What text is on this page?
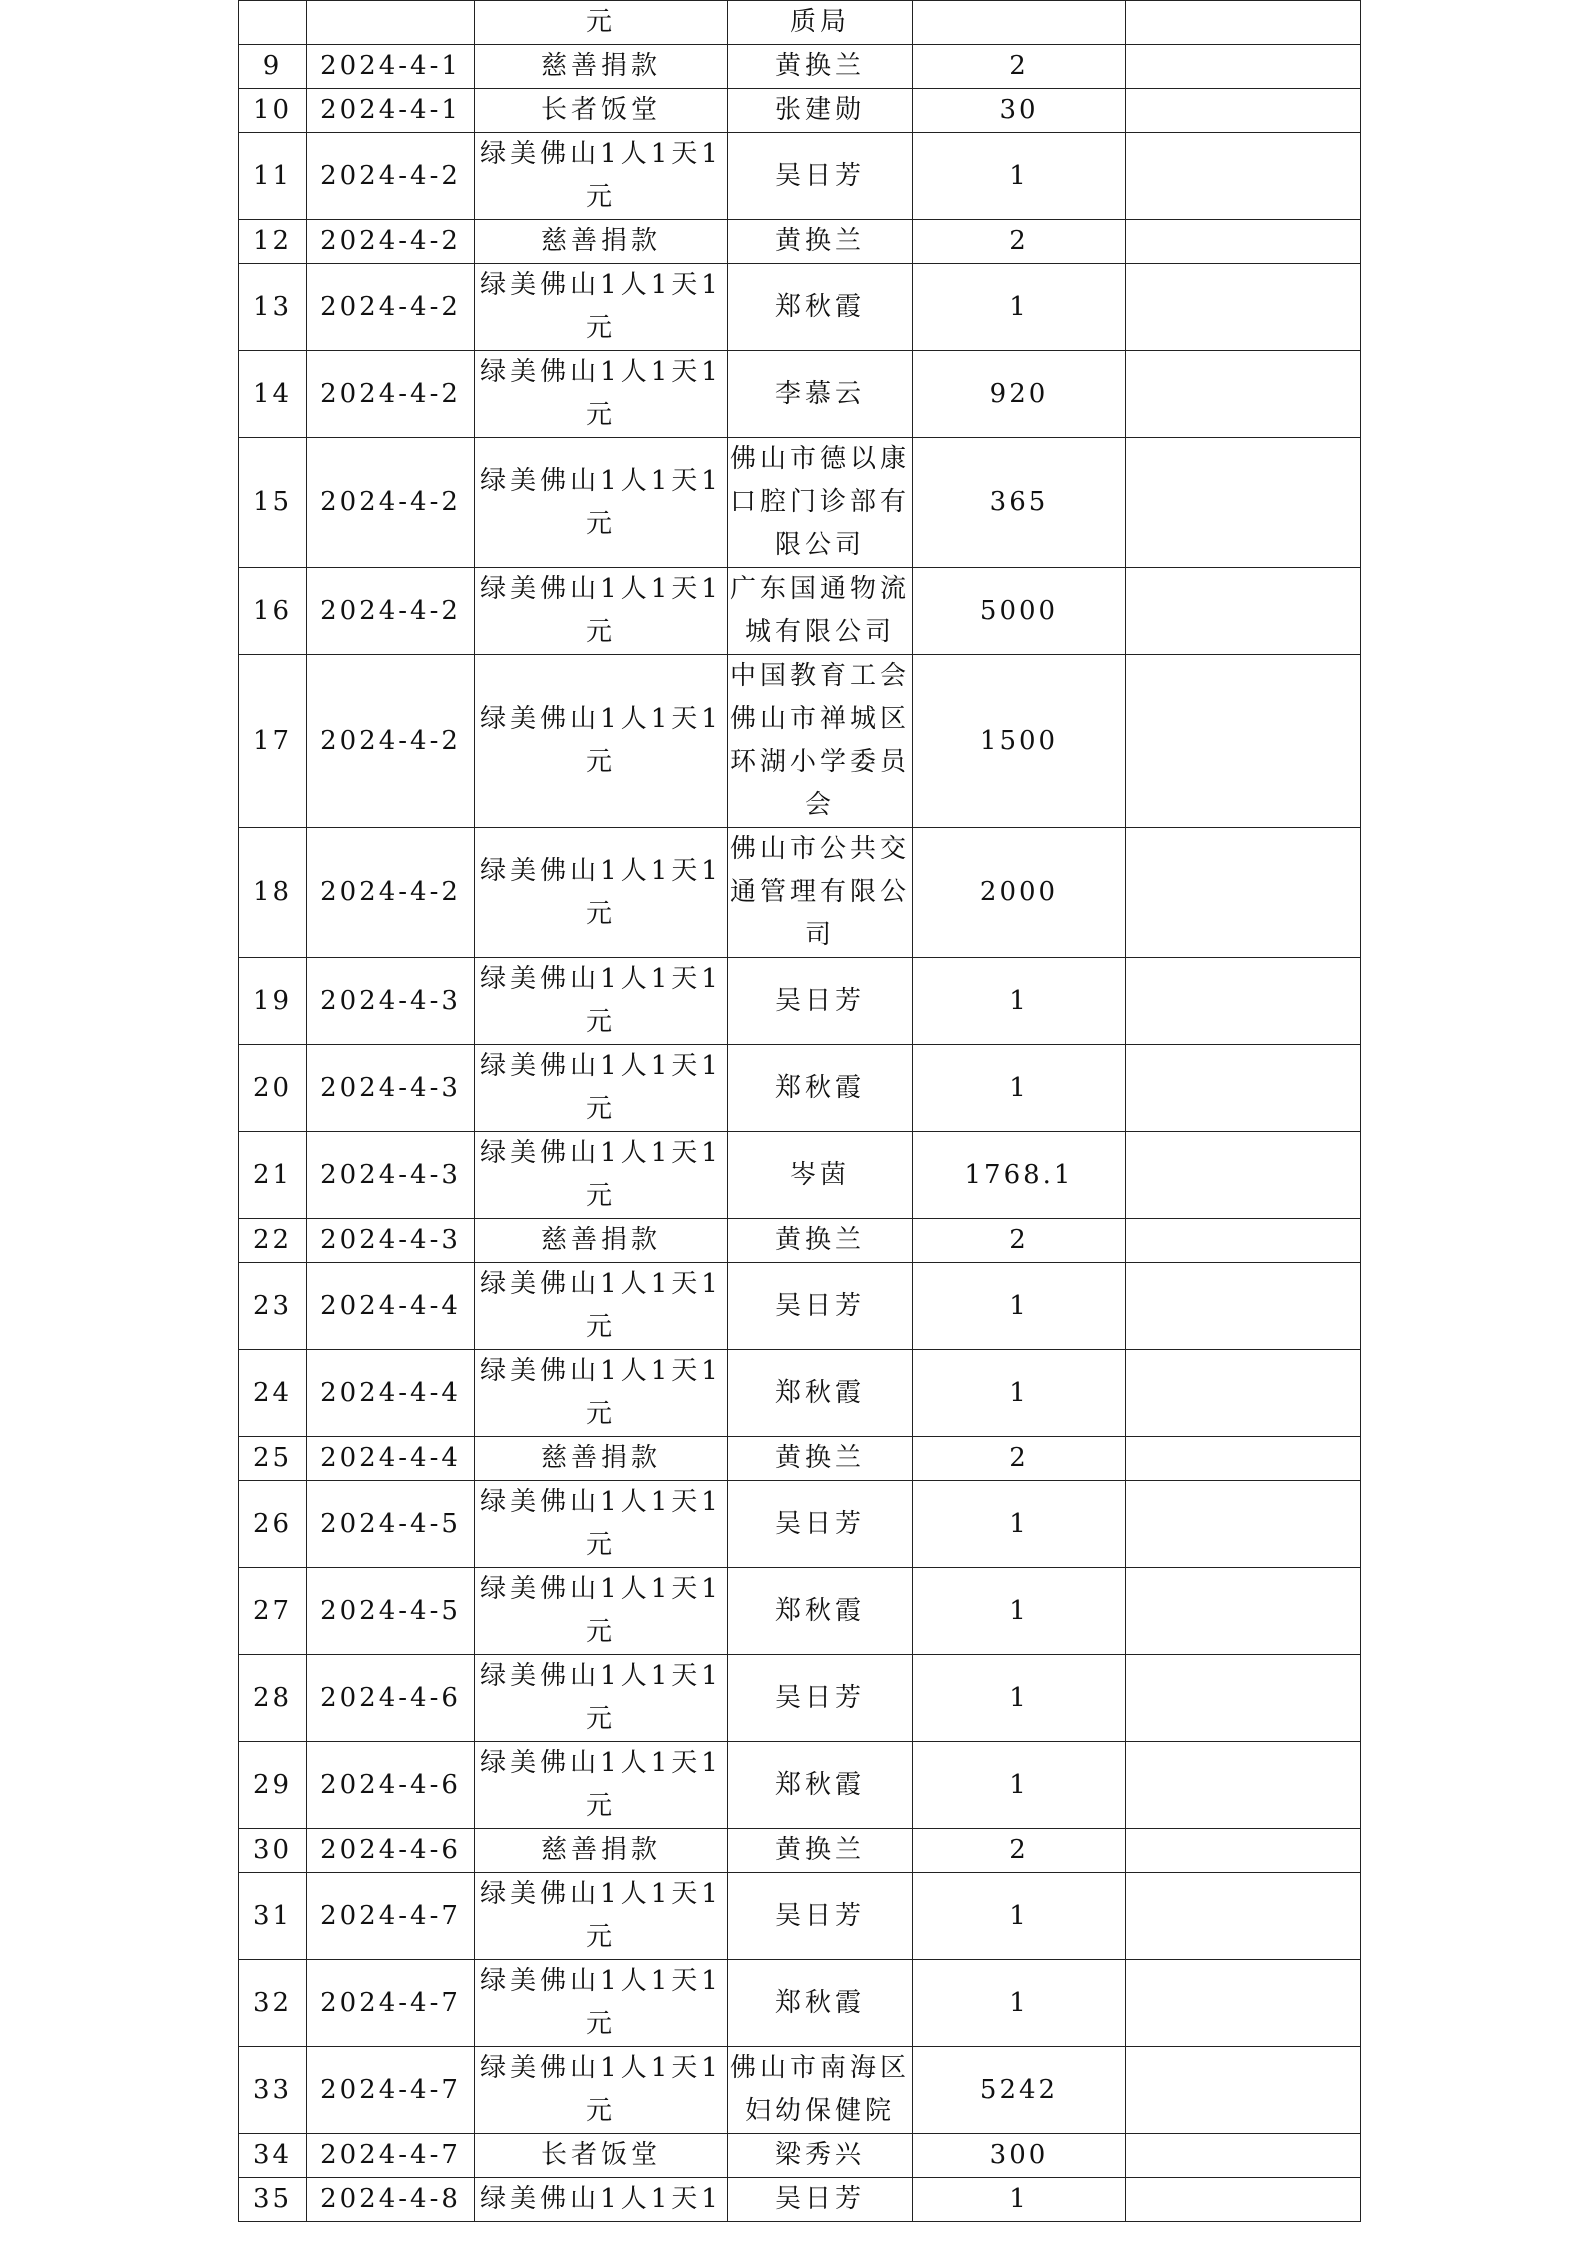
		元	质局		
9	2024-4-1	慈善捐款	黄换兰	2	
10	2024-4-1	长者饭堂	张建勋	30	
11	2024-4-2	绿美佛山1人1天1元	吴日芳	1	
12	2024-4-2	慈善捐款	黄换兰	2	
13	2024-4-2	绿美佛山1人1天1元	郑秋霞	1	
14	2024-4-2	绿美佛山1人1天1元	李慕云	920	
15	2024-4-2	绿美佛山1人1天1元	佛山市德以康口腔门诊部有限公司	365	
16	2024-4-2	绿美佛山1人1天1元	广东国通物流城有限公司	5000	
17	2024-4-2	绿美佛山1人1天1元	中国教育工会佛山市禅城区环湖小学委员会	1500	
18	2024-4-2	绿美佛山1人1天1元	佛山市公共交通管理有限公司	2000	
19	2024-4-3	绿美佛山1人1天1元	吴日芳	1	
20	2024-4-3	绿美佛山1人1天1元	郑秋霞	1	
21	2024-4-3	绿美佛山1人1天1元	岑茵	1768.1	
22	2024-4-3	慈善捐款	黄换兰	2	
23	2024-4-4	绿美佛山1人1天1元	吴日芳	1	
24	2024-4-4	绿美佛山1人1天1元	郑秋霞	1	
25	2024-4-4	慈善捐款	黄换兰	2	
26	2024-4-5	绿美佛山1人1天1元	吴日芳	1	
27	2024-4-5	绿美佛山1人1天1元	郑秋霞	1	
28	2024-4-6	绿美佛山1人1天1元	吴日芳	1	
29	2024-4-6	绿美佛山1人1天1元	郑秋霞	1	
30	2024-4-6	慈善捐款	黄换兰	2	
31	2024-4-7	绿美佛山1人1天1元	吴日芳	1	
32	2024-4-7	绿美佛山1人1天1元	郑秋霞	1	
33	2024-4-7	绿美佛山1人1天1元	佛山市南海区妇幼保健院	5242	
34	2024-4-7	长者饭堂	梁秀兴	300	
35	2024-4-8	绿美佛山1人1天1	吴日芳	1	
